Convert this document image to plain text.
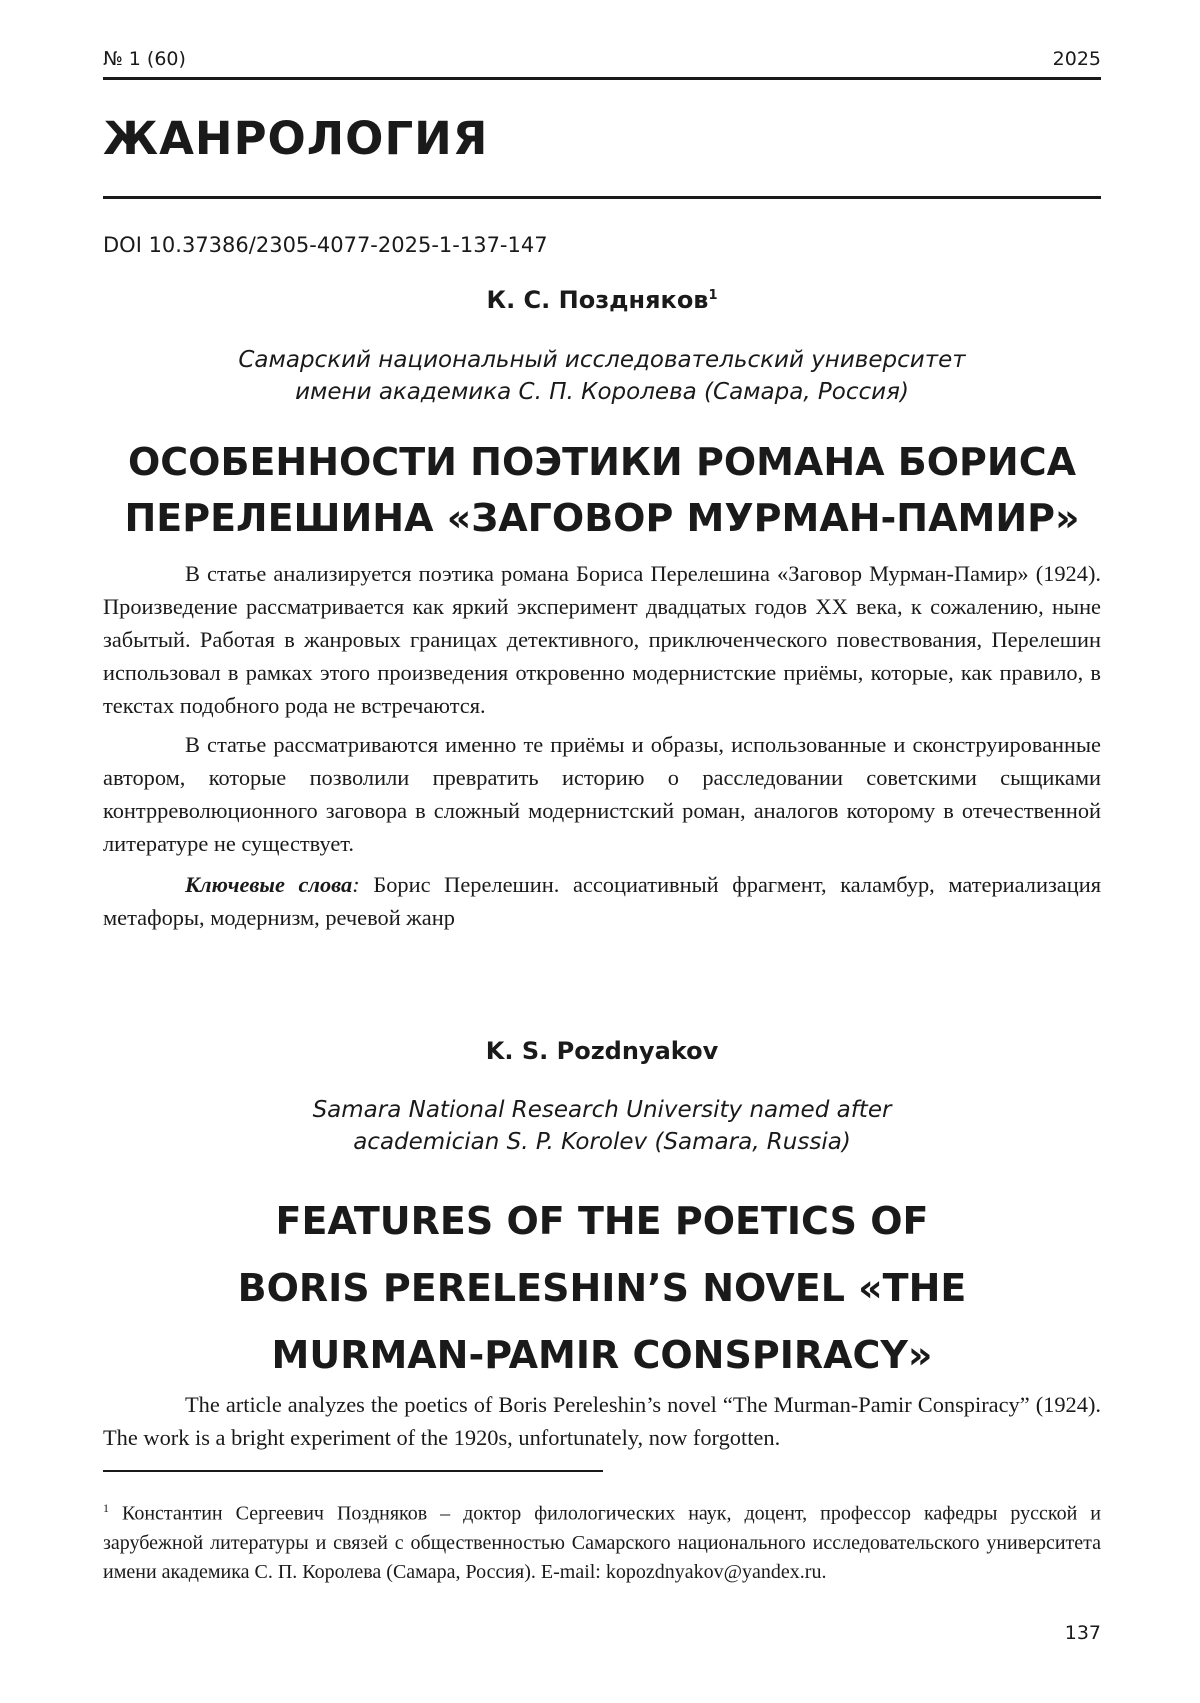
№ 1 (60)	2025
ЖАНРОЛОГИЯ
DOI 10.37386/2305-4077-2025-1-137-147
К. С. Поздняков$^1$
Самарский национальный исследовательский университет
имени академика С. П. Королева (Самара, Россия)
ОСОБЕННОСТИ ПОЭТИКИ РОМАНА БОРИСА
ПЕРЕЛЕШИНА «ЗАГОВОР МУРМАН-ПАМИР»

В статье анализируется поэтика романа Бориса Перелешина «Заговор Мурман-Памир» (1924). Произведение рассматривается как яркий эксперимент двадцатых годов XX века, к сожалению, ныне забытый. Работая в жанровых границах детективного, приключенческого повествования, Перелешин использовал в рамках этого произведения откровенно модернистские приёмы, которые, как правило, в текстах подобного рода не встречаются.

В статье рассматриваются именно те приёмы и образы, использованные и сконструированные автором, которые позволили превратить историю о расследовании советскими сыщиками контрреволюционного заговора в сложный модернистский роман, аналогов которому в отечественной литературе не существует.

Ключевые слова: Борис Перелешин. ассоциативный фрагмент, каламбур, материализация метафоры, модернизм, речевой жанр

K. S. Pozdnyakov
Samara National Research University named after
academician S. P. Korolev (Samara, Russia)
FEATURES OF THE POETICS OF
BORIS PERELESHIN’S NOVEL «THE
MURMAN-PAMIR CONSPIRACY»

The article analyzes the poetics of Boris Pereleshin’s novel “The Murman-Pamir Conspiracy” (1924). The work is a bright experiment of the 1920s, unfortunately, now forgotten.

$^1$ Константин Сергеевич Поздняков – доктор филологических наук, доцент, профессор кафедры русской и зарубежной литературы и связей с общественностью Самарского национального исследовательского университета имени академика С. П. Королева (Самара, Россия). E-mail: kopozdnyakov@yandex.ru.
137
